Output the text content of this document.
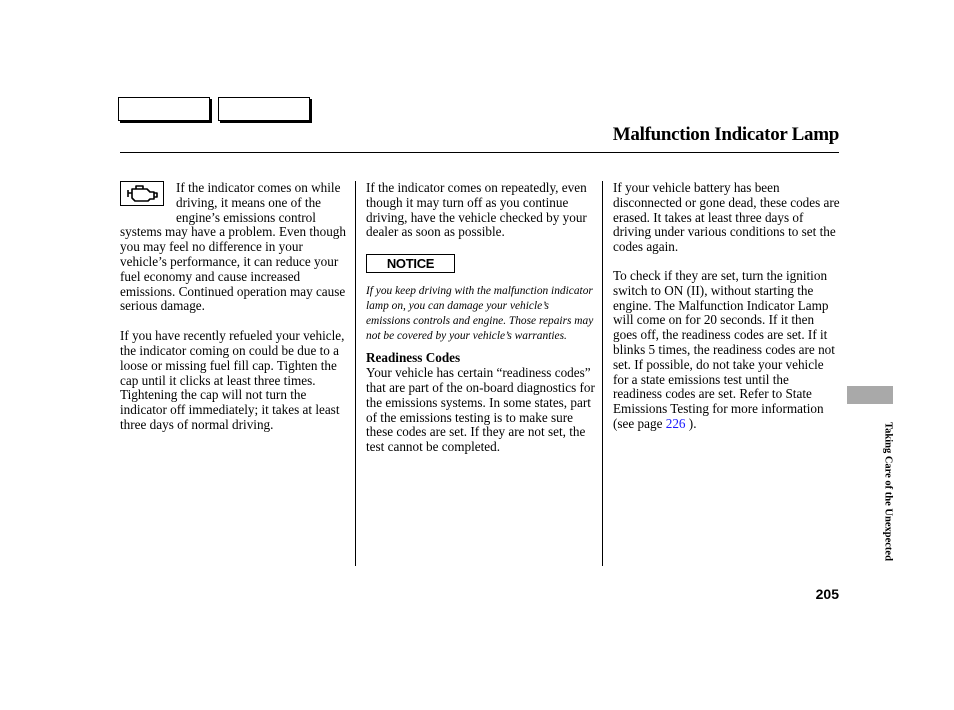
Malfunction Indicator Lamp

If the indicator comes on while driving, it means one of the engine’s emissions control systems may have a problem. Even though you may feel no difference in your vehicle’s performance, it can reduce your fuel economy and cause increased emissions. Continued operation may cause serious damage.

If you have recently refueled your vehicle, the indicator coming on could be due to a loose or missing fuel fill cap. Tighten the cap until it clicks at least three times. Tightening the cap will not turn the indicator off immediately; it takes at least three days of normal driving.

If the indicator comes on repeatedly, even though it may turn off as you continue driving, have the vehicle checked by your dealer as soon as possible.

NOTICE

If you keep driving with the malfunction indicator lamp on, you can damage your vehicle’s emissions controls and engine. Those repairs may not be covered by your vehicle’s warranties.

Readiness Codes

Your vehicle has certain “readiness codes” that are part of the on-board diagnostics for the emissions systems. In some states, part of the emissions testing is to make sure these codes are set. If they are not set, the test cannot be completed.

If your vehicle battery has been disconnected or gone dead, these codes are erased. It takes at least three days of driving under various conditions to set the codes again.

To check if they are set, turn the ignition switch to ON (II), without starting the engine. The Malfunction Indicator Lamp will come on for 20 seconds. If it then goes off, the readiness codes are set. If it blinks 5 times, the readiness codes are not set. If possible, do not take your vehicle for a state emissions test until the readiness codes are set. Refer to State Emissions Testing for more information (see page 226 ).	Taking Care of the Unexpected
205
